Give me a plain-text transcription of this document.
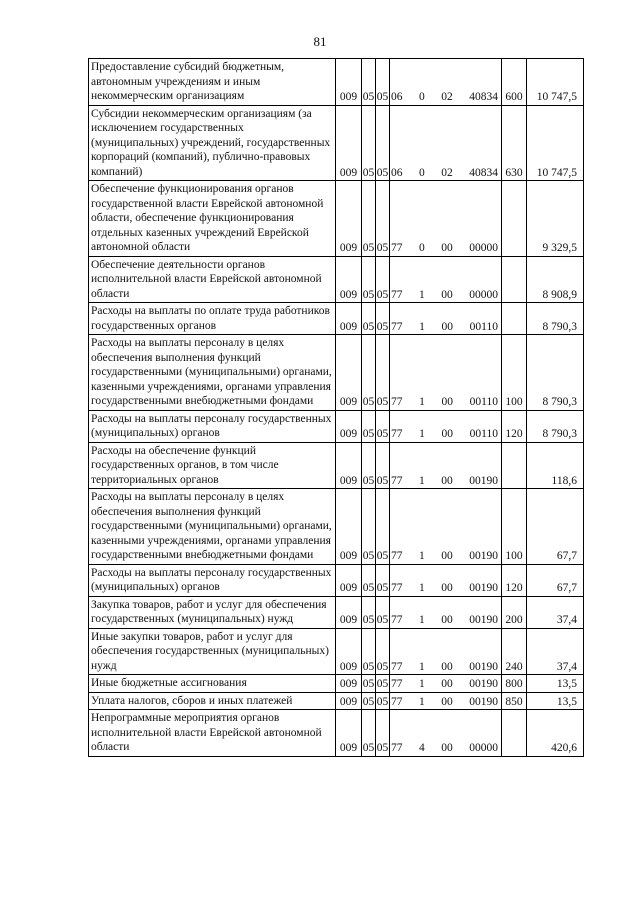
81
Предоставление субсидий бюджетным, автономным учреждениям и иным некоммерческим организациям	009	05	05	06 0 02 40834	600	10 747,5
Субсидии некоммерческим организациям (за исключением государственных (муниципальных) учреждений, государственных корпораций (компаний), публично-правовых компаний)	009	05	05	06 0 02 40834	630	10 747,5
Обеспечение функционирования органов государственной власти Еврейской автономной области, обеспечение функционирования отдельных казенных учреждений Еврейской автономной области	009	05	05	77 0 00 00000		9 329,5
Обеспечение деятельности органов исполнительной власти Еврейской автономной области	009	05	05	77 1 00 00000		8 908,9
Расходы на выплаты по оплате труда работников государственных органов	009	05	05	77 1 00 00110		8 790,3
Расходы на выплаты персоналу в целях обеспечения выполнения функций государственными (муниципальными) органами, казенными учреждениями, органами управления государственными внебюджетными фондами	009	05	05	77 1 00 00110	100	8 790,3
Расходы на выплаты персоналу государственных (муниципальных) органов	009	05	05	77 1 00 00110	120	8 790,3
Расходы на обеспечение функций государственных органов, в том числе территориальных органов	009	05	05	77 1 00 00190		118,6
Расходы на выплаты персоналу в целях обеспечения выполнения функций государственными (муниципальными) органами, казенными учреждениями, органами управления государственными внебюджетными фондами	009	05	05	77 1 00 00190	100	67,7
Расходы на выплаты персоналу государственных (муниципальных) органов	009	05	05	77 1 00 00190	120	67,7
Закупка товаров, работ и услуг для обеспечения государственных (муниципальных) нужд	009	05	05	77 1 00 00190	200	37,4
Иные закупки товаров, работ и услуг для обеспечения государственных (муниципальных) нужд	009	05	05	77 1 00 00190	240	37,4
Иные бюджетные ассигнования	009	05	05	77 1 00 00190	800	13,5
Уплата налогов, сборов и иных платежей	009	05	05	77 1 00 00190	850	13,5
Непрограммные мероприятия органов исполнительной власти Еврейской автономной области	009	05	05	77 4 00 00000		420,6
